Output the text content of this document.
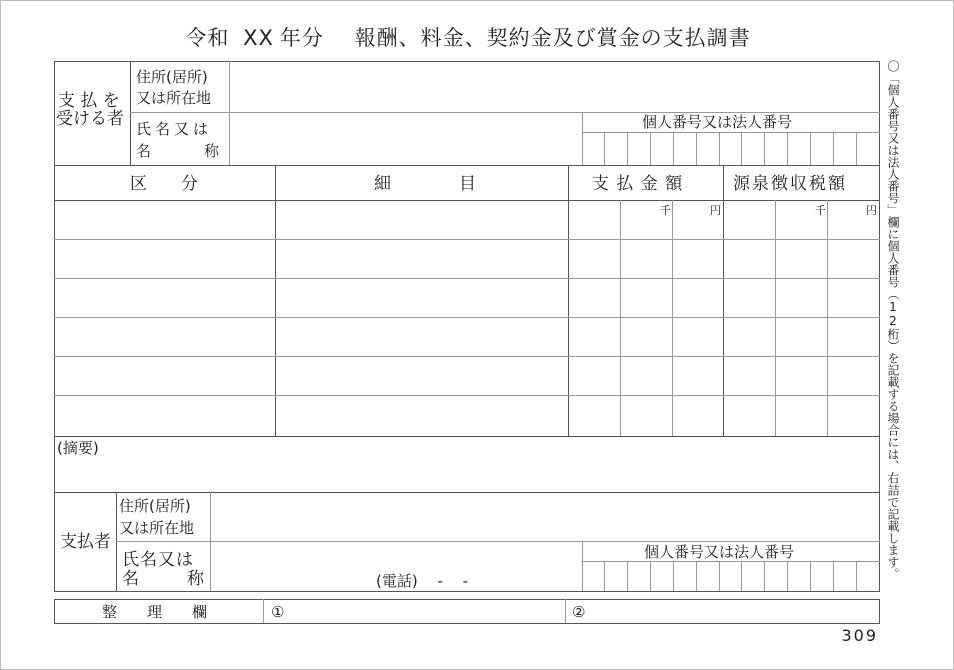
令和 XX 年分 報酬、料金、契約金及び賞金の支払調書
支 払 を
受ける者
住所(居所)
又は所在地
氏名又は
名	称
個人番号又は法人番号
区　　分	細　　　　目	支 払 金 額	源泉徴収税額
千	円	千	円
(摘要)
支払者
住所(居所)
又は所在地
氏名又は
名	称	(電話)　 -　 -
個人番号又は法人番号
整　　理　　欄	①	②
〇「個人番号又は法人番号」欄に個人番号（12桁）を記載する場合には、右詰で記載します。
309
